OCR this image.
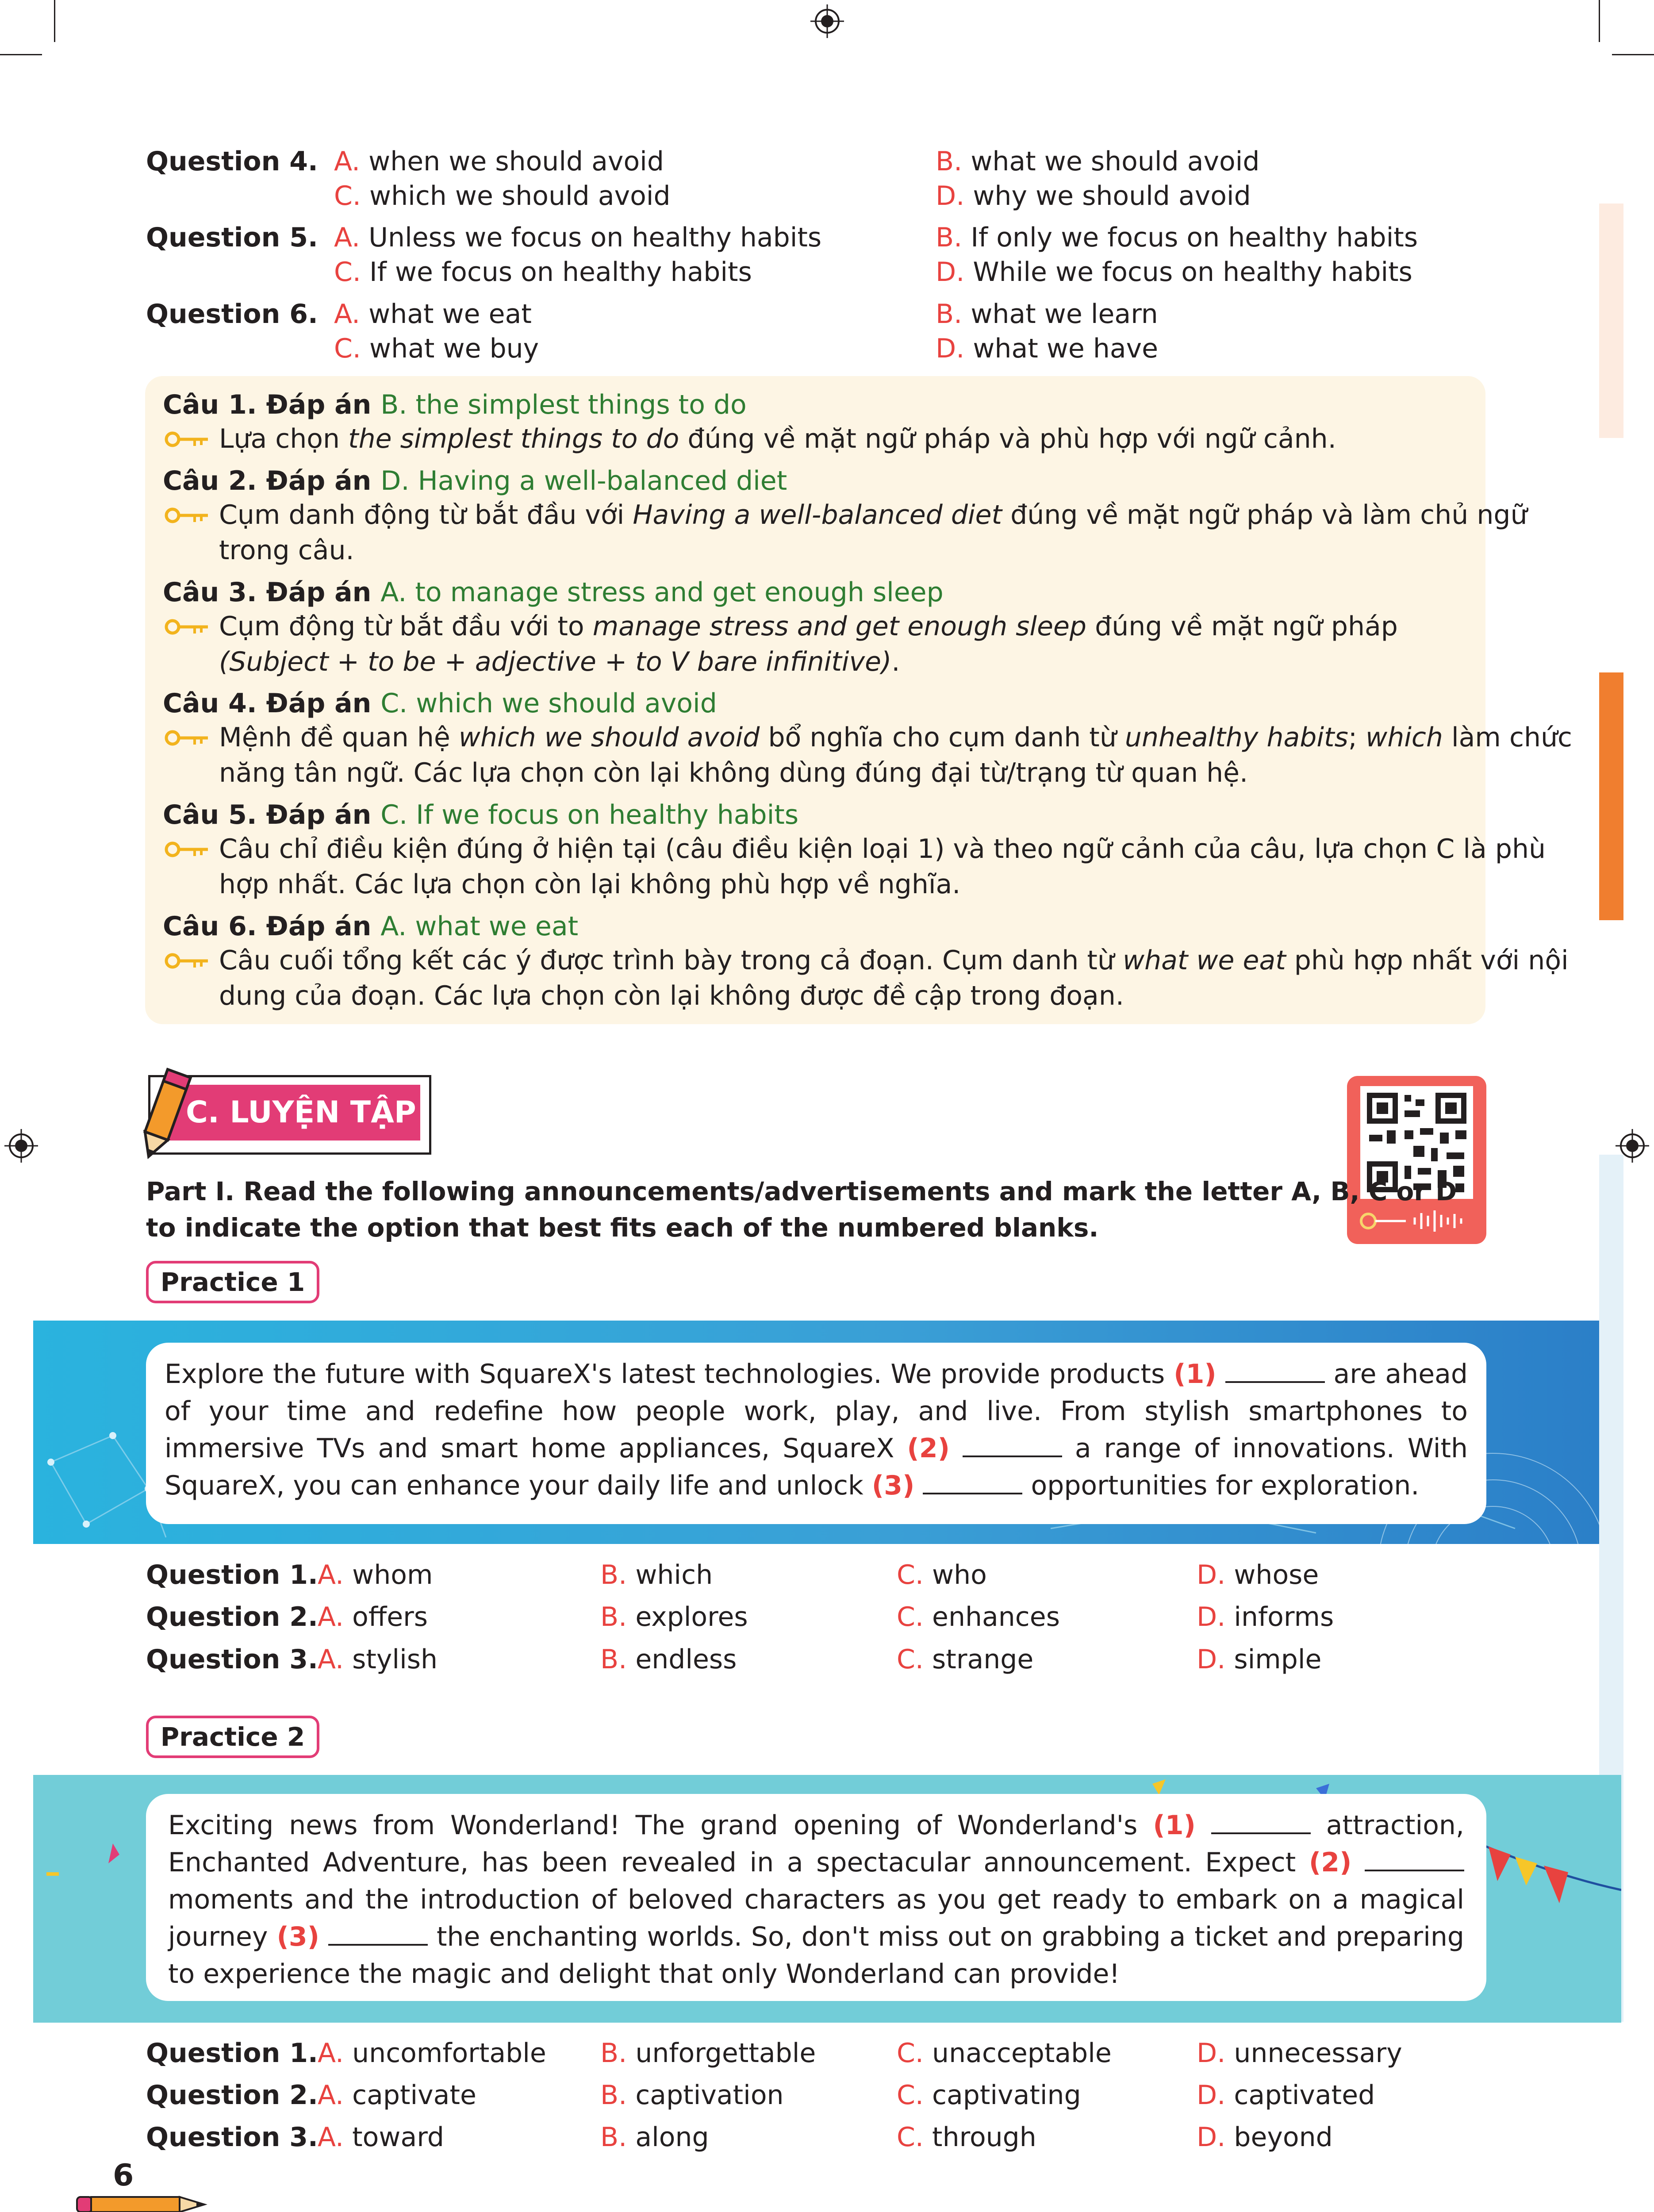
Question 4. A. when we should avoid	B. what we should avoid
C. which we should avoid	D. why we should avoid
Question 5. A. Unless we focus on healthy habits	B. If only we focus on healthy habits
C. If we focus on healthy habits	D. While we focus on healthy habits
Question 6. A. what we eat	B. what we learn
C. what we buy	D. what we have
Câu 1. Đáp án B. the simplest things to do
Lựa chọn the simplest things to do đúng về mặt ngữ pháp và phù hợp với ngữ cảnh.
Câu 2. Đáp án D. Having a well-balanced diet
Cụm danh động từ bắt đầu với Having a well-balanced diet đúng về mặt ngữ pháp và làm chủ ngữ
trong câu.
Câu 3. Đáp án A. to manage stress and get enough sleep
Cụm động từ bắt đầu với to manage stress and get enough sleep đúng về mặt ngữ pháp
(Subject + to be + adjective + to V bare infinitive).
Câu 4. Đáp án C. which we should avoid
Mệnh đề quan hệ which we should avoid bổ nghĩa cho cụm danh từ unhealthy habits; which làm chức
năng tân ngữ. Các lựa chọn còn lại không dùng đúng đại từ/trạng từ quan hệ.
Câu 5. Đáp án C. If we focus on healthy habits
Câu chỉ điều kiện đúng ở hiện tại (câu điều kiện loại 1) và theo ngữ cảnh của câu, lựa chọn C là phù
hợp nhất. Các lựa chọn còn lại không phù hợp về nghĩa.
Câu 6. Đáp án A. what we eat
Câu cuối tổng kết các ý được trình bày trong cả đoạn. Cụm danh từ what we eat phù hợp nhất với nội
dung của đoạn. Các lựa chọn còn lại không được đề cập trong đoạn.
C. LUYỆN TẬP
Part I. Read the following announcements/advertisements and mark the letter A, B, C or D
to indicate the option that best fits each of the numbered blanks.
Practice 1
Explore the future with SquareX's latest technologies. We provide products (1)	are ahead of your time and redefine how people work, play, and live. From stylish smartphones to immersive TVs and smart home appliances, SquareX (2)	a range of innovations. With SquareX, you can enhance your daily life and unlock (3)	opportunities for exploration.
Question 1. A. whom	B. which	C. who	D. whose
Question 2. A. offers	B. explores	C. enhances	D. informs
Question 3. A. stylish	B. endless	C. strange	D. simple
Practice 2
Exciting news from Wonderland! The grand opening of Wonderland's (1)	attraction, Enchanted Adventure, has been revealed in a spectacular announcement. Expect (2)  moments and the introduction of beloved characters as you get ready to embark on a magical journey (3)	the enchanting worlds. So, don't miss out on grabbing a ticket and preparing to experience the magic and delight that only Wonderland can provide!
Question 1. A. uncomfortable B. unforgettable	C. unacceptable	D. unnecessary
Question 2. A. captivate	B. captivation	C. captivating	D. captivated
Question 3. A. toward	B. along	C. through	D. beyond
6
